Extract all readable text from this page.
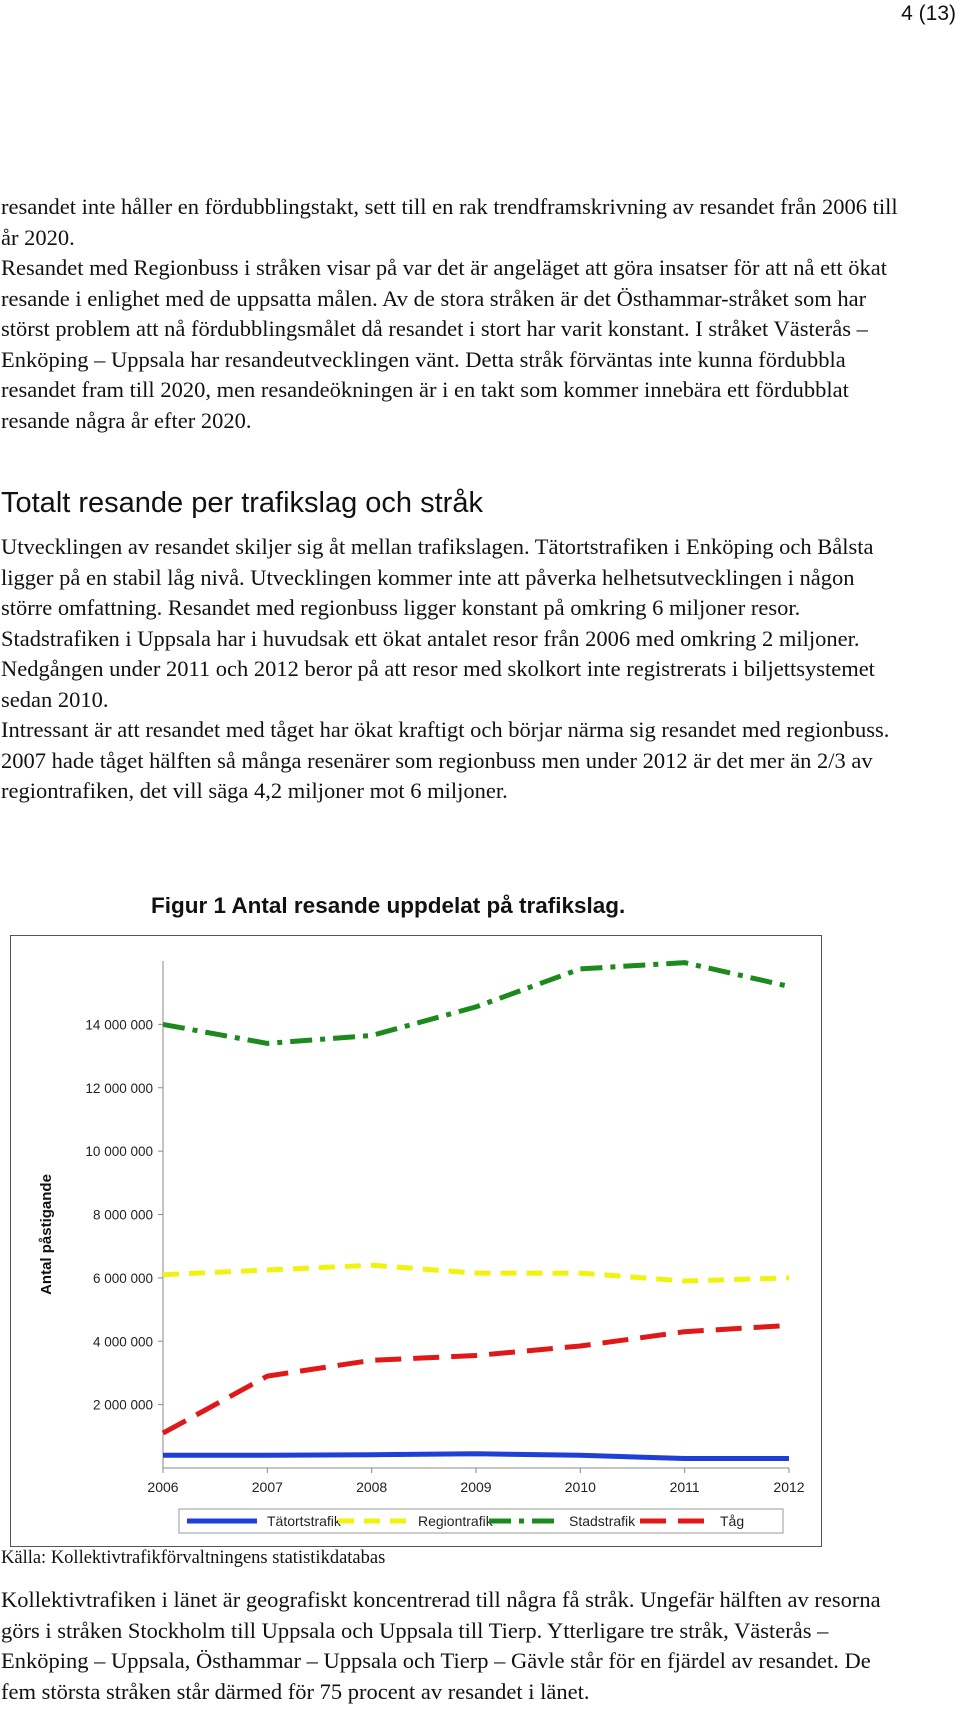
4 (13)

resandet inte håller en fördubblingstakt, sett till en rak trendframskrivning av resandet från 2006 till år 2020.

Resandet med Regionbuss i stråken visar på var det är angeläget att göra insatser för att nå ett ökat resande i enlighet med de uppsatta målen. Av de stora stråken är det Östhammar-stråket som har störst problem att nå fördubblingsmålet då resandet i stort har varit konstant. I stråket Västerås – Enköping – Uppsala har resandeutvecklingen vänt. Detta stråk förväntas inte kunna fördubbla resandet fram till 2020, men resandeökningen är i en takt som kommer innebära ett fördubblat resande några år efter 2020.

Totalt resande per trafikslag och stråk

Utvecklingen av resandet skiljer sig åt mellan trafikslagen. Tätortstrafiken i Enköping och Bålsta ligger på en stabil låg nivå. Utvecklingen kommer inte att påverka helhetsutvecklingen i någon större omfattning. Resandet med regionbuss ligger konstant på omkring 6 miljoner resor.

Stadstrafiken i Uppsala har i huvudsak ett ökat antalet resor från 2006 med omkring 2 miljoner. Nedgången under 2011 och 2012 beror på att resor med skolkort inte registrerats i biljettsystemet sedan 2010.

Intressant är att resandet med tåget har ökat kraftigt och börjar närma sig resandet med regionbuss. 2007 hade tåget hälften så många resenärer som regionbuss men under 2012 är det mer än 2/3 av regiontrafiken, det vill säga 4,2 miljoner mot 6 miljoner.

Figur 1 Antal resande uppdelat på trafikslag.
2 000 000
4 000 000
6 000 000
8 000 000
10 000 000
12 000 000
14 000 000
2006	2007	2008	2009	2010	2011	2012
Antal påstigande
Tätortstrafik	Regiontrafik	Stadstrafik	Tåg
Källa: Kollektivtrafikförvaltningens statistikdatabas

Kollektivtrafiken i länet är geografiskt koncentrerad till några få stråk. Ungefär hälften av resorna görs i stråken Stockholm till Uppsala och Uppsala till Tierp. Ytterligare tre stråk, Västerås – Enköping – Uppsala, Östhammar – Uppsala och Tierp – Gävle står för en fjärdel av resandet. De fem största stråken står därmed för 75 procent av resandet i länet.
